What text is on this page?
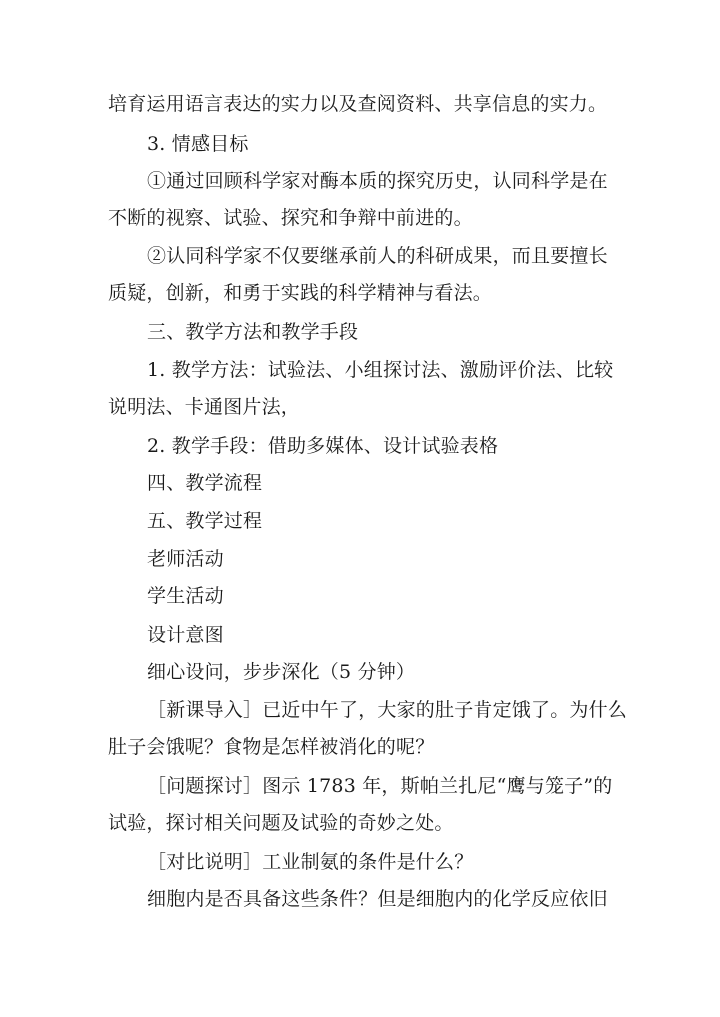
培育运用语言表达的实力以及查阅资料、共享信息的实力。
3. 情感目标
①通过回顾科学家对酶本质的探究历史，认同科学是在
不断的视察、试验、探究和争辩中前进的。
②认同科学家不仅要继承前人的科研成果，而且要擅长
质疑，创新，和勇于实践的科学精神与看法。
三、教学方法和教学手段
1. 教学方法：试验法、小组探讨法、激励评价法、比较
说明法、卡通图片法，
2. 教学手段：借助多媒体、设计试验表格
四、教学流程
五、教学过程
老师活动
学生活动
设计意图
细心设问，步步深化（5 分钟）
［新课导入］已近中午了，大家的肚子肯定饿了。为什么
肚子会饿呢？食物是怎样被消化的呢？
［问题探讨］图示 1783 年，斯帕兰扎尼“鹰与笼子”的
试验，探讨相关问题及试验的奇妙之处。
［对比说明］工业制氨的条件是什么？
细胞内是否具备这些条件？但是细胞内的化学反应依旧
